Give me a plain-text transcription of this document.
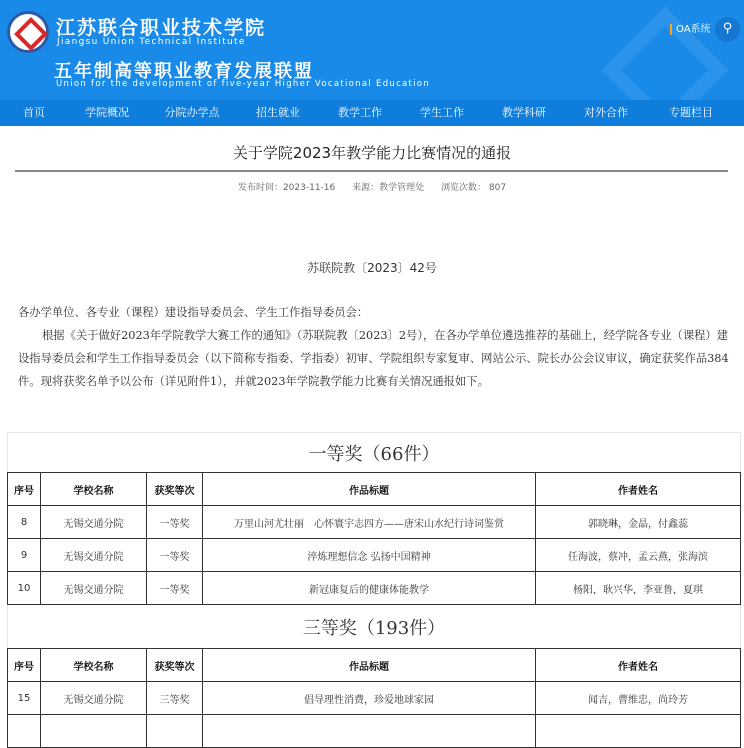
江苏联合职业技术学院
Jiangsu Union Technical Institute
五年制高等职业教育发展联盟
Union for the development of five-year Higher Vocational Education
OA系统 ⚲
首页	学院概况	分院办学点	招生就业	教学工作	学生工作	教学科研	对外合作	专题栏目
关于学院2023年教学能力比赛情况的通报
发布时间：2023-11-16 来源：教学管理处 浏览次数： 807
苏联院教〔2023〕42号

各办学单位、各专业（课程）建设指导委员会、学生工作指导委员会：

根据《关于做好2023年学院教学大赛工作的通知》（苏联院教〔2023〕2号），在各办学单位遴选推荐的基础上，经学院各专业（课程）建设指导委员会和学生工作指导委员会（以下简称专指委、学指委）初审、学院组织专家复审、网站公示、院长办公会议审议，确定获奖作品384件。现将获奖名单予以公布（详见附件1），并就2023年学院教学能力比赛有关情况通报如下。

一等奖（66件）				
序号	学校名称	获奖等次	作品标题	作者姓名
8	无锡交通分院	一等奖	万里山河尤壮丽　心怀寰宇志四方——唐宋山水纪行诗词鉴赏	郭晓琳，金晶，付鑫蕊
9	无锡交通分院	一等奖	淬炼理想信念 弘扬中国精神	任海波，蔡冲，孟云燕，张海滨
10	无锡交通分院	一等奖	新冠康复后的健康体能教学	杨阳，耿兴华，李亚鲁，夏琪
三等奖（193件）				
序号	学校名称	获奖等次	作品标题	作者姓名
15	无锡交通分院	三等奖	倡导理性消费，珍爱地球家园	闻吉，曹维忠，尚玲芳
